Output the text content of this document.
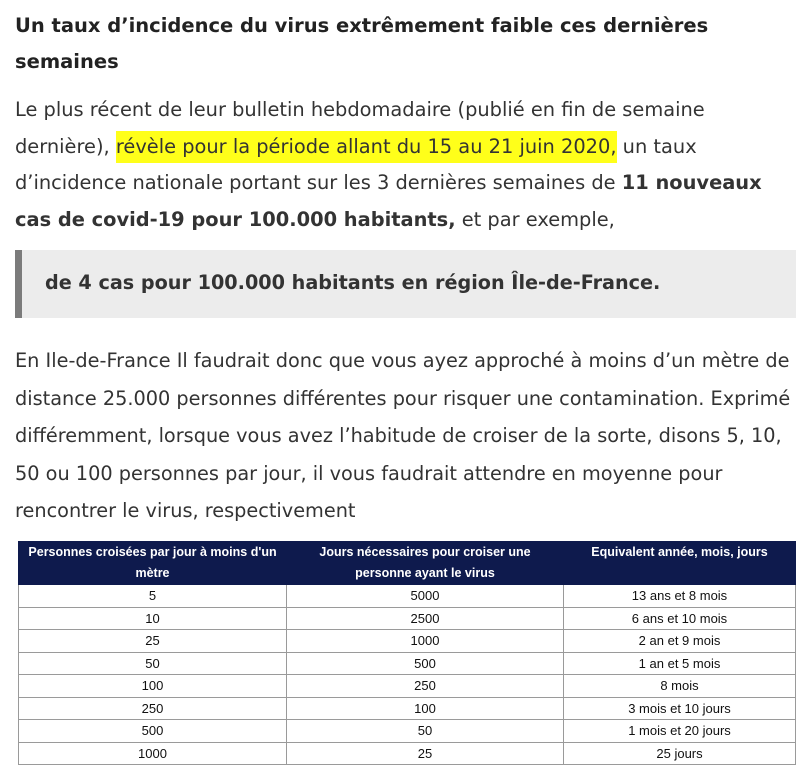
Un taux d’incidence du virus extrêmement faible ces dernières semaines

Le plus récent de leur bulletin hebdomadaire (publié en fin de semaine dernière), révèle pour la période allant du 15 au 21 juin 2020, un taux d’incidence nationale portant sur les 3 dernières semaines de 11 nouveaux cas de covid-19 pour 100.000 habitants, et par exemple,

de 4 cas pour 100.000 habitants en région Île-de-France.

En Ile-de-France Il faudrait donc que vous ayez approché à moins d’un mètre de distance 25.000 personnes différentes pour risquer une contamination. Exprimé différemment, lorsque vous avez l’habitude de croiser de la sorte, disons 5, 10, 50 ou 100 personnes par jour, il vous faudrait attendre en moyenne pour rencontrer le virus, respectivement

Personnes croisées par jour à moins d'un mètre	Jours nécessaires pour croiser une personne ayant le virus	Equivalent année, mois, jours
5	5000	13 ans et 8 mois
10	2500	6 ans et 10 mois
25	1000	2 an et 9 mois
50	500	1 an et 5 mois
100	250	8 mois
250	100	3 mois et 10 jours
500	50	1 mois et 20 jours
1000	25	25 jours
